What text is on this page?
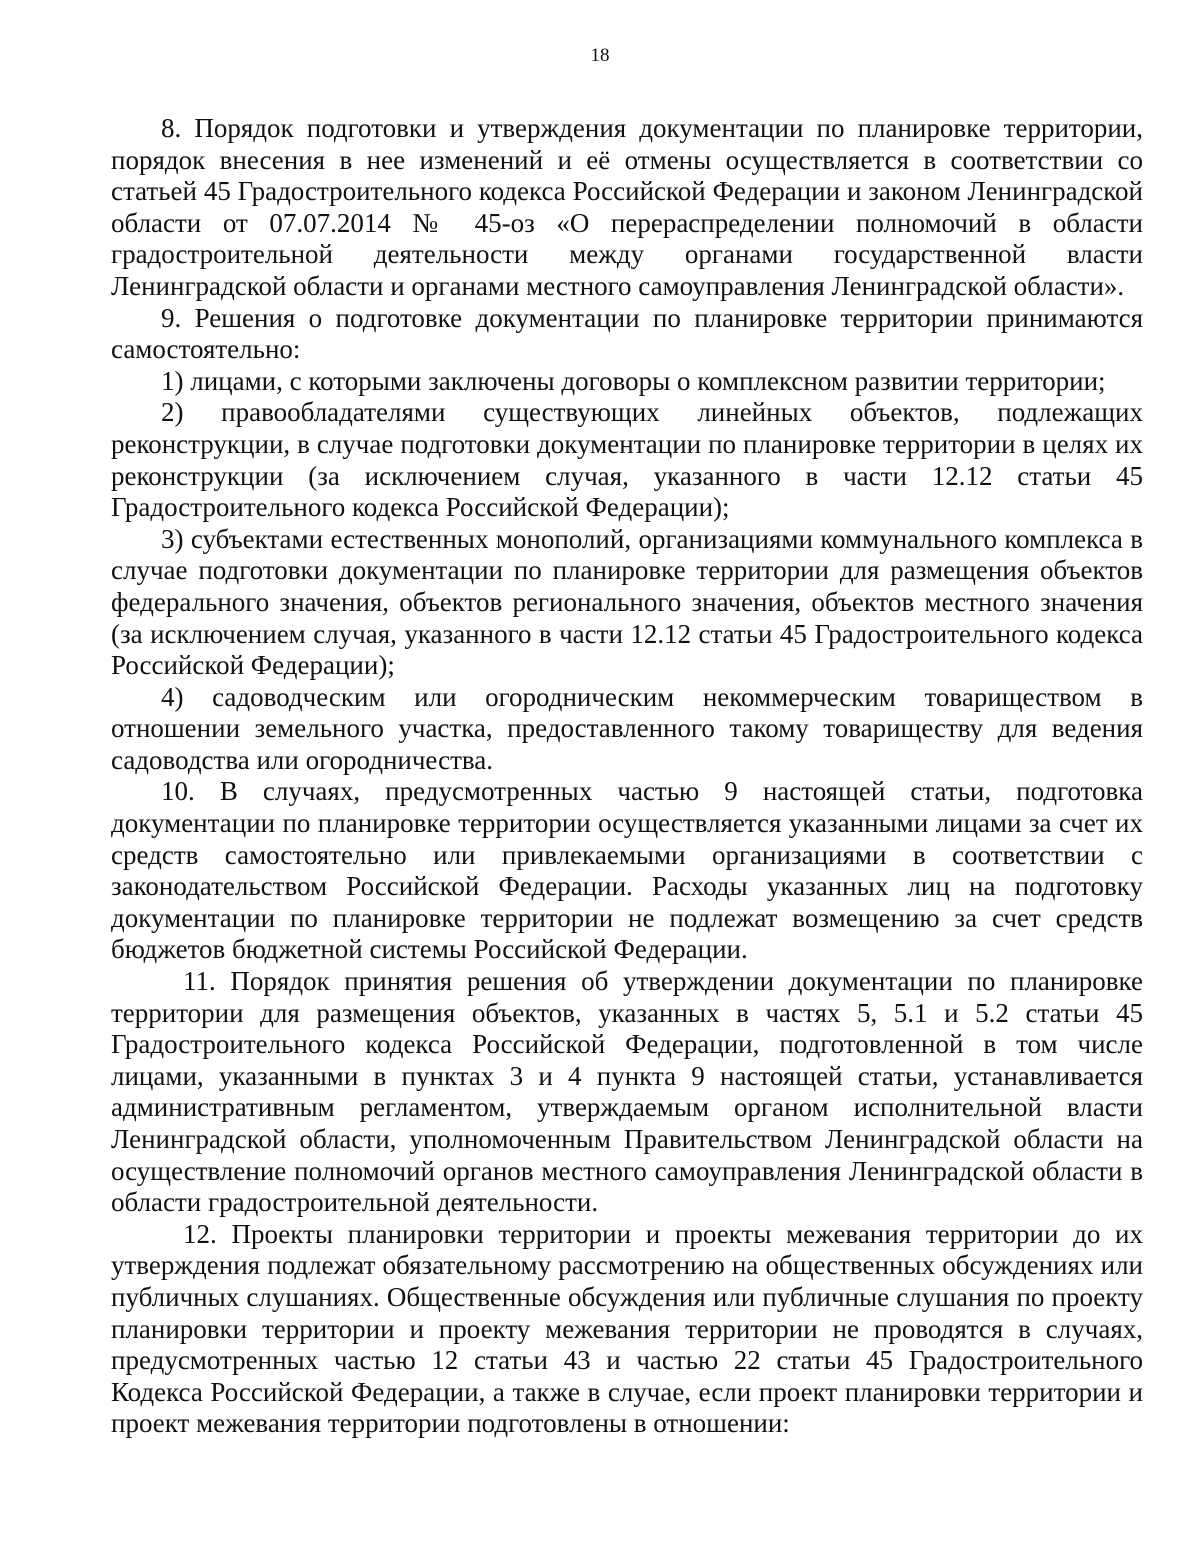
18

8. Порядок подготовки и утверждения документации по планировке территории, порядок внесения в нее изменений и её отмены осуществляется в соответствии со статьей 45 Градостроительного кодекса Российской Федерации и законом Ленинградской области от 07.07.2014 № 45-оз «О перераспределении полномочий в области градостроительной деятельности между органами государственной власти Ленинградской области и органами местного самоуправления Ленинградской области».

9. Решения о подготовке документации по планировке территории принимаются самостоятельно:

1) лицами, с которыми заключены договоры о комплексном развитии территории;

2) правообладателями существующих линейных объектов, подлежащих реконструкции, в случае подготовки документации по планировке территории в целях их реконструкции (за исключением случая, указанного в части 12.12 статьи 45 Градостроительного кодекса Российской Федерации);

3) субъектами естественных монополий, организациями коммунального комплекса в случае подготовки документации по планировке территории для размещения объектов федерального значения, объектов регионального значения, объектов местного значения (за исключением случая, указанного в части 12.12 статьи 45 Градостроительного кодекса Российской Федерации);

4) садоводческим или огородническим некоммерческим товариществом в отношении земельного участка, предоставленного такому товариществу для ведения садоводства или огородничества.

10. В случаях, предусмотренных частью 9 настоящей статьи, подготовка документации по планировке территории осуществляется указанными лицами за счет их средств самостоятельно или привлекаемыми организациями в соответствии с законодательством Российской Федерации. Расходы указанных лиц на подготовку документации по планировке территории не подлежат возмещению за счет средств бюджетов бюджетной системы Российской Федерации.

11. Порядок принятия решения об утверждении документации по планировке территории для размещения объектов, указанных в частях 5, 5.1 и 5.2 статьи 45 Градостроительного кодекса Российской Федерации, подготовленной в том числе лицами, указанными в пунктах 3 и 4 пункта 9 настоящей статьи, устанавливается административным регламентом, утверждаемым органом исполнительной власти Ленинградской области, уполномоченным Правительством Ленинградской области на осуществление полномочий органов местного самоуправления Ленинградской области в области градостроительной деятельности.

12. Проекты планировки территории и проекты межевания территории до их утверждения подлежат обязательному рассмотрению на общественных обсуждениях или публичных слушаниях. Общественные обсуждения или публичные слушания по проекту планировки территории и проекту межевания территории не проводятся в случаях, предусмотренных частью 12 статьи 43 и частью 22 статьи 45 Градостроительного Кодекса Российской Федерации, а также в случае, если проект планировки территории и проект межевания территории подготовлены в отношении:
